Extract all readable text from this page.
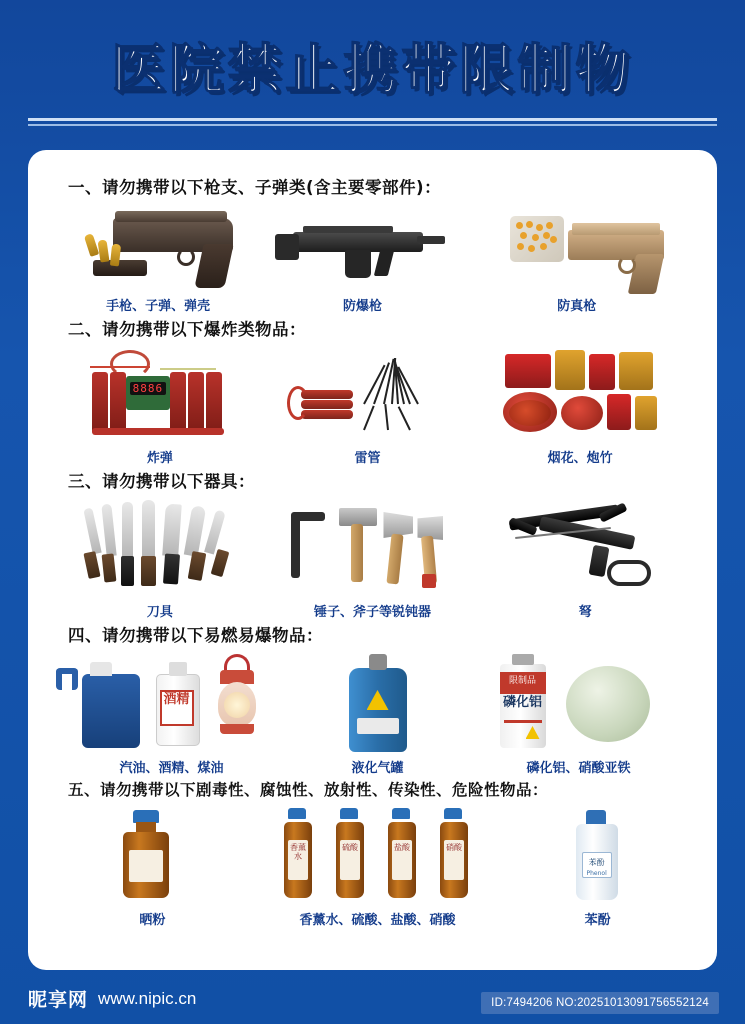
医院禁止携带限制物
一、请勿携带以下枪支、子弹类(含主要零部件)：
手枪、子弹、弹壳	防爆枪	防真枪
二、请勿携带以下爆炸类物品：
8886
炸弹	雷管	烟花、炮竹
三、请勿携带以下器具：
刀具	锤子、斧子等锐钝器	弩
四、请勿携带以下易燃易爆物品：
酒精
汽油、酒精、煤油	液化气罐
限制品
磷化铝
磷化铝、硝酸亚铁
五、请勿携带以下剧毒性、腐蚀性、放射性、传染性、危险性物品：
晒粉
香薰水
硫酸	盐酸	硝酸
香薰水、硫酸、盐酸、硝酸
苯酚
Phenol
苯酚
昵享网 www.nipic.cn	ID:7494206 NO:20251013091756552124
